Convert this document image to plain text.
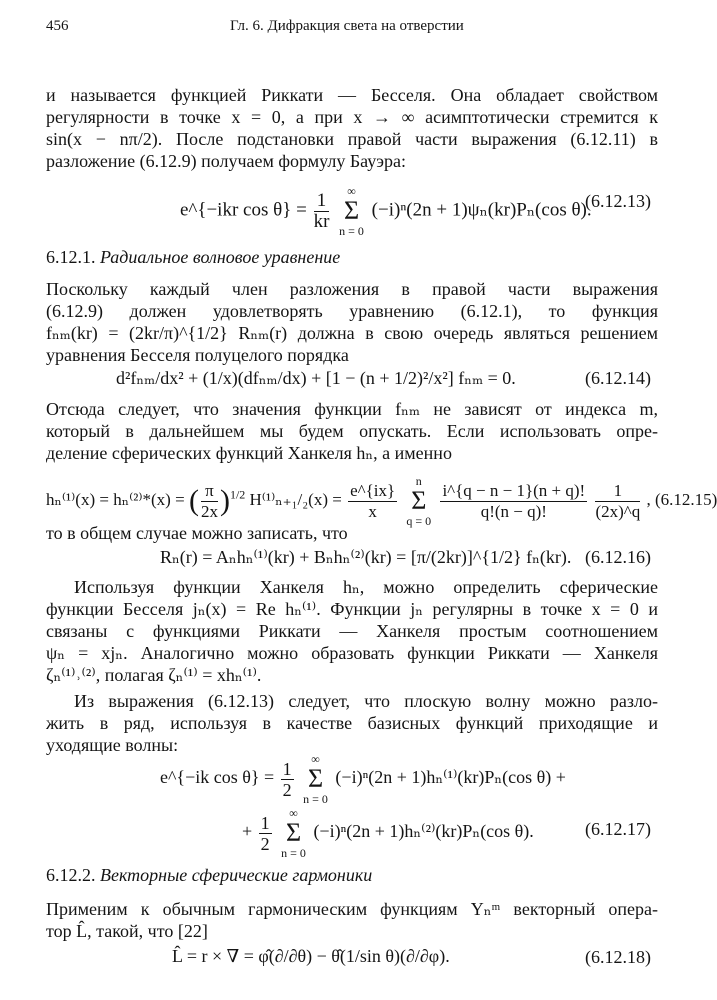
456	Гл. 6. Дифракция света на отверстии
и называется функцией Риккати — Бесселя. Она обладает свойством
регулярности в точке x = 0, а при x → ∞ асимптотически стремится к
sin(x − nπ/2). После подстановки правой части выражения (6.12.11) в
разложение (6.12.9) получаем формулу Бауэра:
e^{−ikr $\cos \theta\} = \frac{1}{kr}$
	∞
Σ
n = 0
(−i)ⁿ(2n + 1)ψₙ(kr)Pₙ(cos θ).
(6.12.13)
6.12.1. Радиальное волновое уравнение
Поскольку каждый член разложения в правой части выражения
(6.12.9) должен удовлетворять уравнению (6.12.1), то функция
fₙₘ(kr) = (2kr/π)^{1/2} Rₙₘ(r) должна в свою очередь являться решением
уравнения Бесселя полуцелого порядка
d²fₙₘ/dx² + (1/x)(dfₙₘ/dx) + [1 − (n + 1/2)²/x²] fₙₘ = 0.	(6.12.14)
Отсюда следует, что значения функции fₙₘ не зависят от индекса m,
который в дальнейшем мы будем опускать. Если использовать опре-
деление сферических функций Ханкеля hₙ, а именно
hₙ⁽¹⁾(x) = hₙ⁽²⁾*(x) = ( $\frac{\pi}{2x} )^{1/2}$ $H^{(1)}_{n+1}/_2(x) = \frac{e\^{}\{ix\}}{x}$
	n
Σ
q = 0
$\frac{i\^{}\{q - n - 1\}(n + q)!}{q!(n - q)!}$
$\frac{1}{(2x)\^{}q}$ , (6.12.15)
то в общем случае можно записать, что
Rₙ(r) = Aₙhₙ⁽¹⁾(kr) + Bₙhₙ⁽²⁾(kr) = [π/(2kr)]^{1/2} fₙ(kr). (6.12.16)
Используя функции Ханкеля hₙ, можно определить сферические
функции Бесселя jₙ(x) = Re hₙ⁽¹⁾. Функции jₙ регулярны в точке x = 0 и
связаны с функциями Риккати — Ханкеля простым соотношением
ψₙ = xjₙ. Аналогично можно образовать функции Риккати — Ханкеля
ζₙ⁽¹⁾˒⁽²⁾, полагая ζₙ⁽¹⁾ = xhₙ⁽¹⁾.
Из выражения (6.12.13) следует, что плоскую волну можно разло-
жить в ряд, используя в качестве базисных функций приходящие и
уходящие волны:
e^{−ik $\cos \theta\} = \frac{1}{2}$
	∞
Σ
n = 0
(−i)ⁿ(2n + 1)hₙ⁽¹⁾(kr)Pₙ(cos θ) +
+ $\frac{1}{2}$
	∞
Σ
n = 0
(−i)ⁿ(2n + 1)hₙ⁽²⁾(kr)Pₙ(cos θ).	(6.12.17)
6.12.2. Векторные сферические гармоники
Применим к обычным гармоническим функциям Yₙᵐ векторный опера-
тор L̂, такой, что [22]
L̂ = r × ∇ = φ̂(∂/∂θ) − θ̂(1/sin θ)(∂/∂φ).	(6.12.18)
